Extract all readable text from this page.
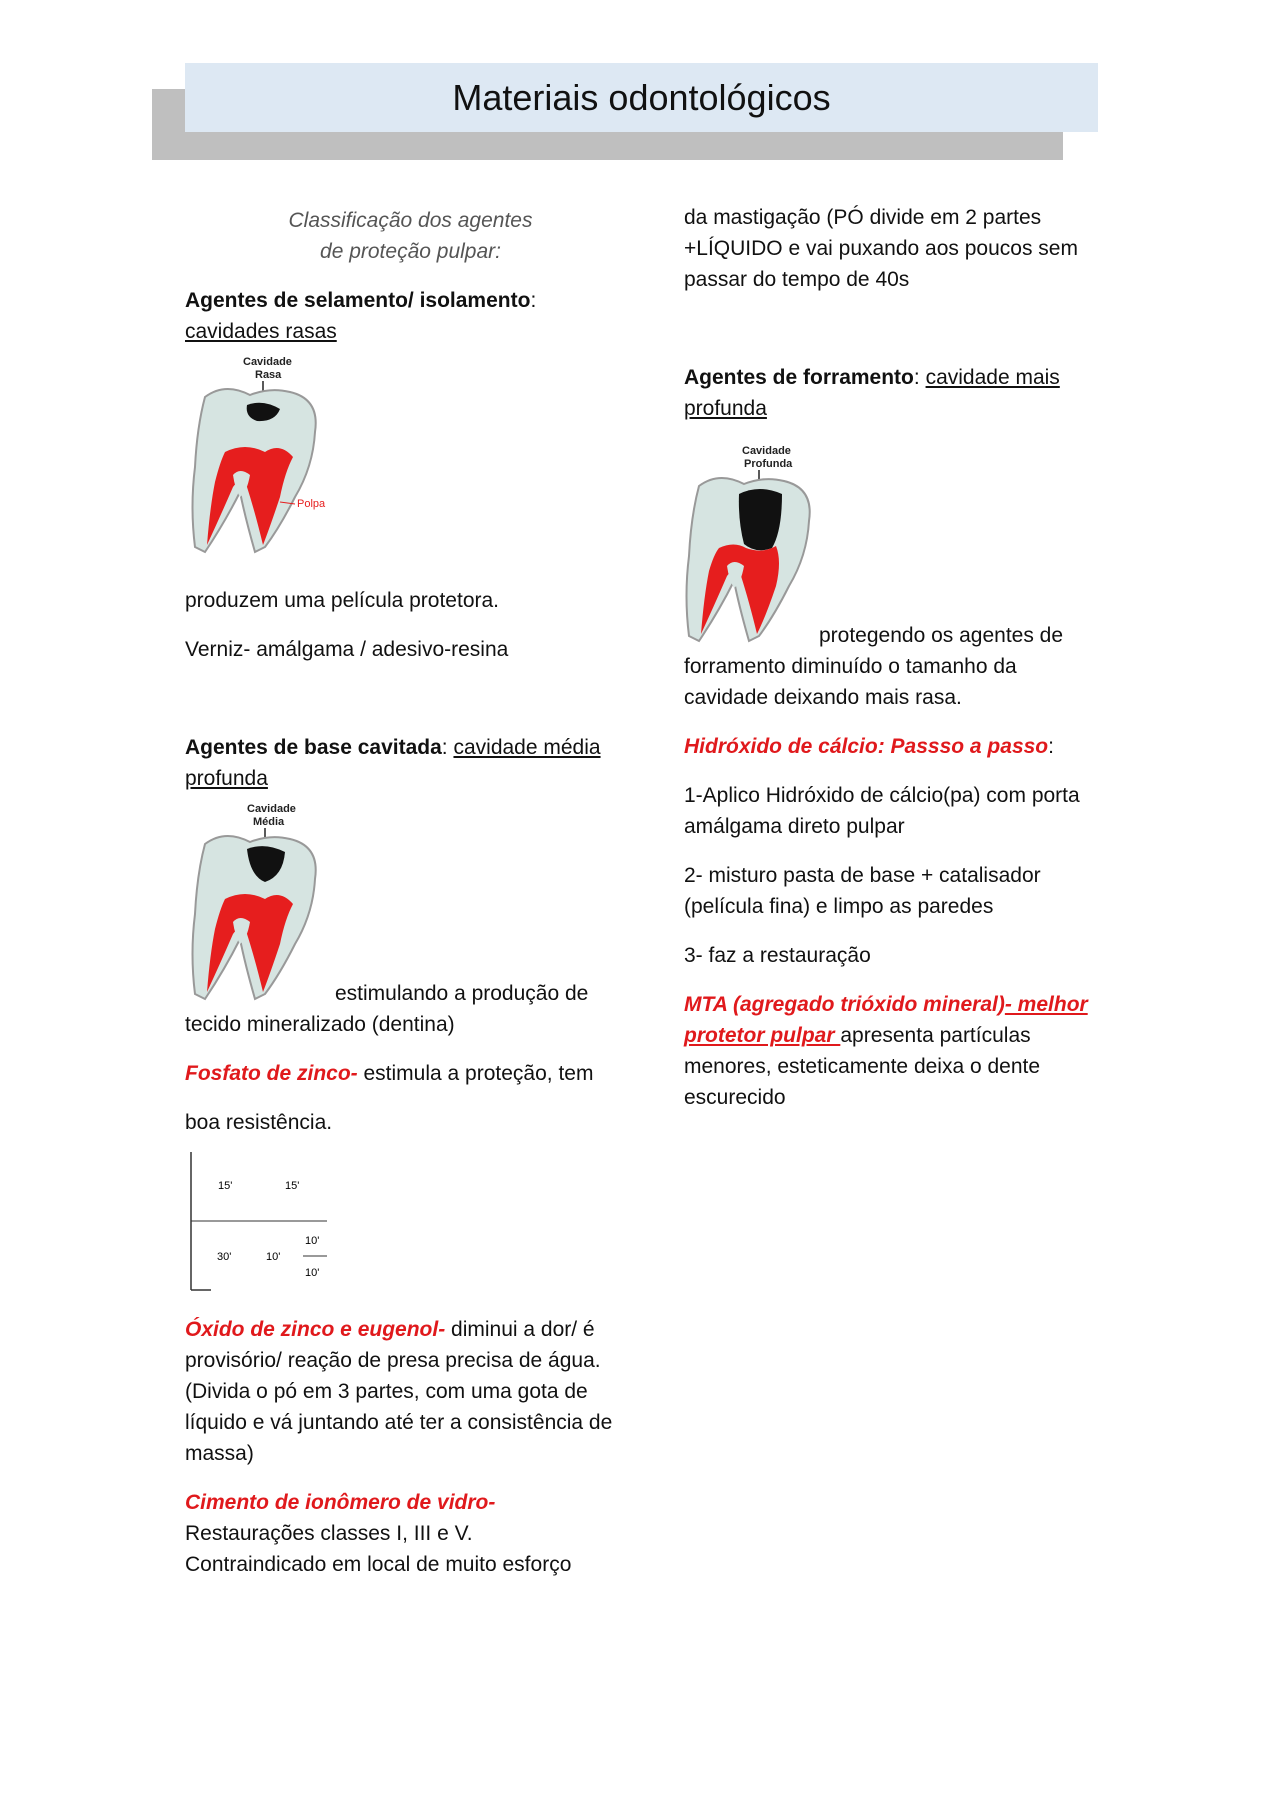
Materiais odontológicos

Classificação dos agentes de proteção pulpar:

Agentes de selamento/ isolamento:
cavidades rasas

Cavidade
Rasa
Polpa

produzem uma película protetora.

Verniz- amálgama / adesivo-resina

Agentes de base cavitada: cavidade média profunda

Cavidade
Média
estimulando a produção de tecido mineralizado (dentina)

Fosfato de zinco- estimula a proteção, tem

boa resistência.

15'	15'
30'	10'
10'
10'

Óxido de zinco e eugenol- diminui a dor/ é provisório/ reação de presa precisa de água. (Divida o pó em 3 partes, com uma gota de líquido e vá juntando até ter a consistência de massa)

Cimento de ionômero de vidro-
Restaurações classes I, III e V. Contraindicado em local de muito esforço

da mastigação (PÓ divide em 2 partes +LÍQUIDO e vai puxando aos poucos sem passar do tempo de 40s

Agentes de forramento: cavidade mais profunda

Cavidade
Profunda
protegendo os agentes de forramento diminuído o tamanho da cavidade deixando mais rasa.

Hidróxido de cálcio: Passso a passo:

1-Aplico Hidróxido de cálcio(pa) com porta amálgama direto pulpar

2- misturo pasta de base + catalisador (película fina) e limpo as paredes

3- faz a restauração

MTA (agregado trióxido mineral)- melhor protetor pulpar apresenta partículas menores, esteticamente deixa o dente escurecido
